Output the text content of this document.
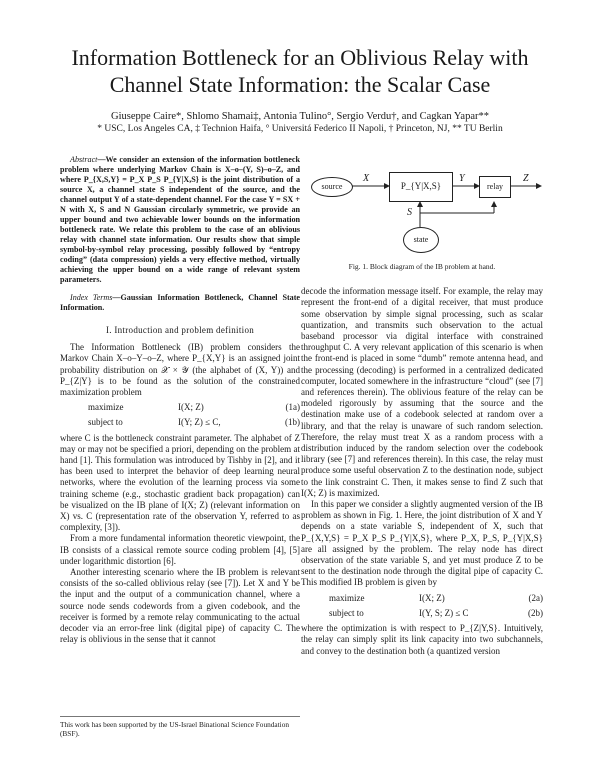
Information Bottleneck for an Oblivious Relay with
Channel State Information: the Scalar Case
Giuseppe Caire*, Shlomo Shamai‡, Antonia Tulino°, Sergio Verdu†, and Cagkan Yapar**
* USC, Los Angeles CA, ‡ Technion Haifa, ° Universitá Federico II Napoli, † Princeton, NJ, ** TU Berlin

Abstract—We consider an extension of the information bottleneck problem where underlying Markov Chain is X–o–(Y, S)–o–Z, and where P_{X,S,Y} = P_X P_S P_{Y|X,S} is the joint distribution of a source X, a channel state S independent of the source, and the channel output Y of a state-dependent channel. For the case Y = SX + N with X, S and N Gaussian circularly symmetric, we provide an upper bound and two achievable lower bounds on the information bottleneck rate. We relate this problem to the case of an oblivious relay with channel state information. Our results show that simple symbol-by-symbol relay processing, possibly followed by “entropy coding” (data compression) yields a very effective method, virtually achieving the upper bound on a wide range of relevant system parameters.

Index Terms—Gaussian Information Bottleneck, Channel State Information.

I. Introduction and problem definition

The Information Bottleneck (IB) problem considers the Markov Chain X–o–Y–o–Z, where P_{X,Y} is an assigned joint probability distribution on 𝒳 × 𝒴 (the alphabet of (X, Y)) and P_{Z|Y} is to be found as the solution of the constrained maximization problem

maximize	I(X; Z)	(1a)
subject to	I(Y; Z) ≤ C,	(1b)

where C is the bottleneck constraint parameter. The alphabet of Z may or may not be specified a priori, depending on the problem at hand [1]. This formulation was introduced by Tishby in [2], and it has been used to interpret the behavior of deep learning neural networks, where the evolution of the learning process via some training scheme (e.g., stochastic gradient back propagation) can be visualized on the IB plane of I(X; Z) (relevant information on X) vs. C (representation rate of the observation Y, referred to as complexity, [3]).

From a more fundamental information theoretic viewpoint, the IB consists of a classical remote source coding problem [4], [5] under logarithmic distortion [6].

Another interesting scenario where the IB problem is relevant consists of the so-called oblivious relay (see [7]). Let X and Y be the input and the output of a communication channel, where a source node sends codewords from a given codebook, and the receiver is formed by a remote relay communicating to the actual decoder via an error-free link (digital pipe) of capacity C. The relay is oblivious in the sense that it cannot

This work has been supported by the US-Israel Binational Science Foundation (BSF).
source	P_{Y|X,S}	relay
state
X	Y	Z
S
Fig. 1. Block diagram of the IB problem at hand.

decode the information message itself. For example, the relay may represent the front-end of a digital receiver, that must produce some observation by simple signal processing, such as scalar quantization, and transmits such observation to the actual baseband processor via digital interface with constrained throughput C. A very relevant application of this scenario is when the front-end is placed in some “dumb” remote antenna head, and the processing (decoding) is performed in a centralized dedicated computer, located somewhere in the infrastructure “cloud” (see [7] and references therein). The oblivious feature of the relay can be modeled rigorously by assuming that the source and the destination make use of a codebook selected at random over a library, and that the relay is unaware of such random selection. Therefore, the relay must treat X as a random process with a distribution induced by the random selection over the codebook library (see [7] and references therein). In this case, the relay must produce some useful observation Z to the destination node, subject to the link constraint C. Then, it makes sense to find Z such that I(X; Z) is maximized.

In this paper we consider a slightly augmented version of the IB problem as shown in Fig. 1. Here, the joint distribution of X and Y depends on a state variable S, independent of X, such that P_{X,Y,S} = P_X P_S P_{Y|X,S}, where P_X, P_S, P_{Y|X,S} are all assigned by the problem. The relay node has direct observation of the state variable S, and yet must produce Z to be sent to the destination node through the digital pipe of capacity C. This modified IB problem is given by

maximize	I(X; Z)	(2a)
subject to	I(Y, S; Z) ≤ C	(2b)

where the optimization is with respect to P_{Z|Y,S}. Intuitively, the relay can simply split its link capacity into two subchannels, and convey to the destination both (a quantized version
